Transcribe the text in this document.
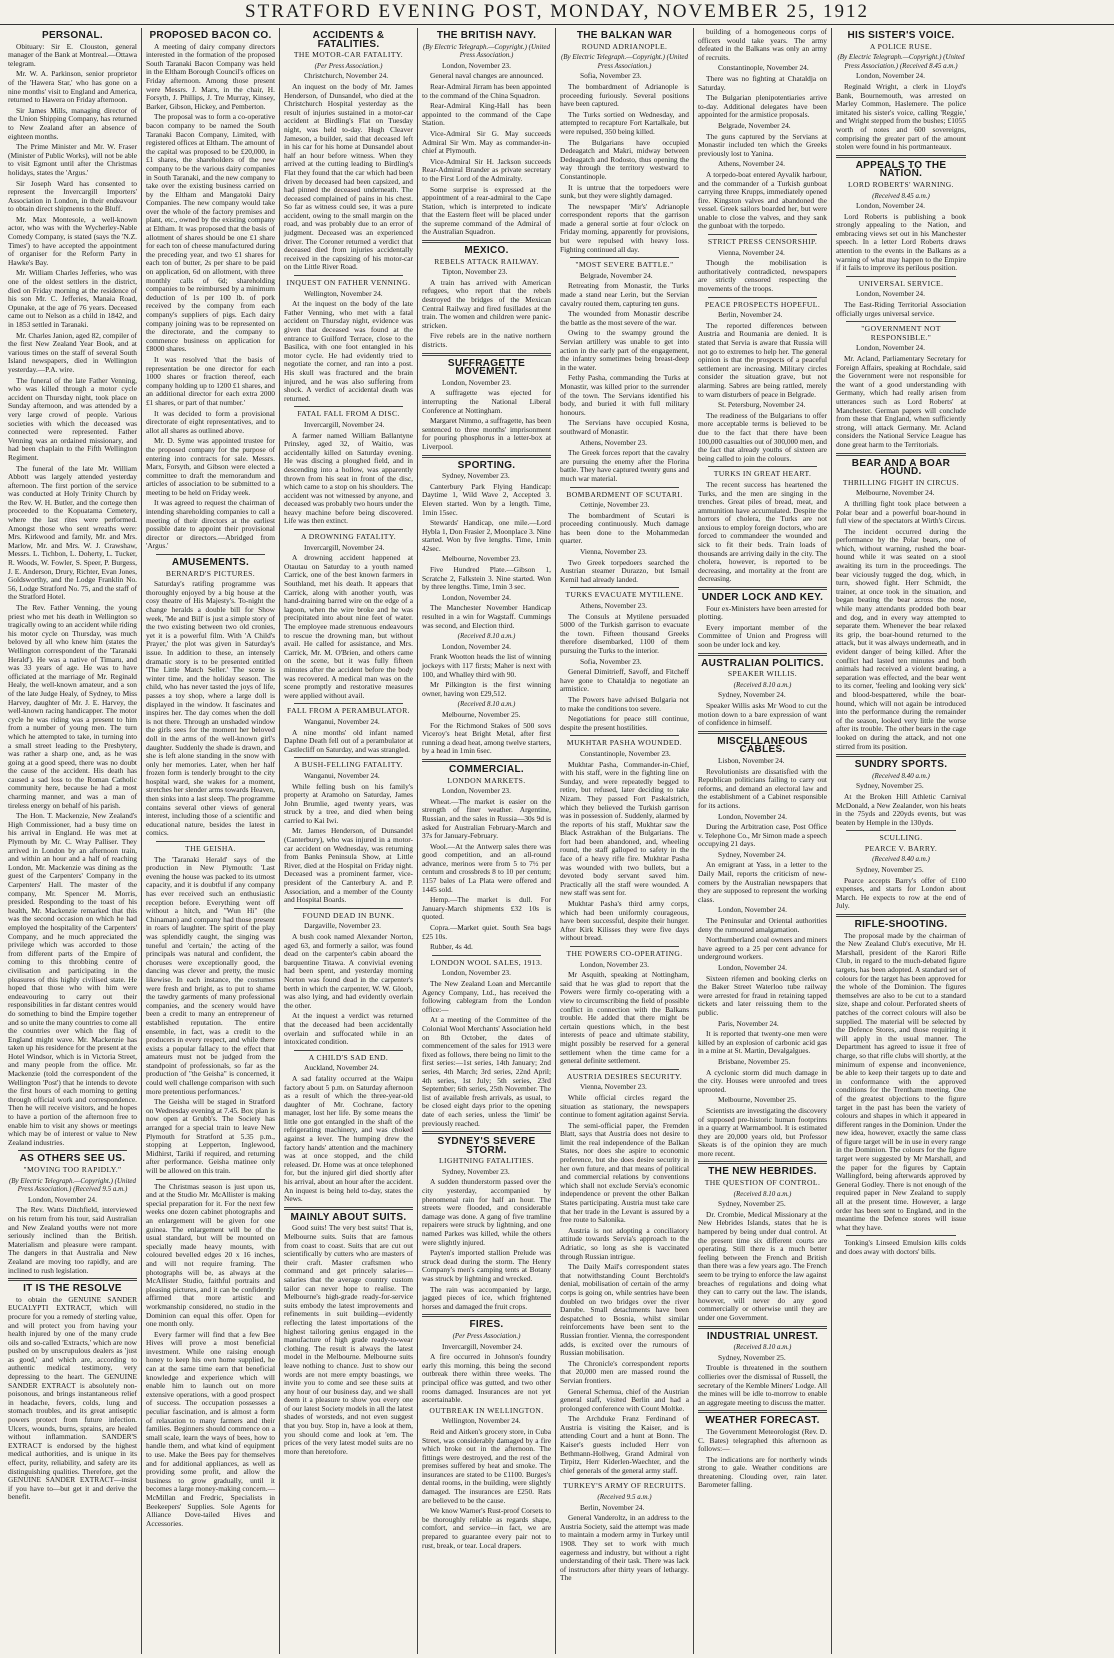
STRATFORD EVENING POST, MONDAY, NOVEMBER 25, 1912
PERSONAL.

Obituary: Sir E. Clouston, general manager of the Bank at Montreal.—Ottawa telegram.

Mr. W. A. Parkinson, senior proprietor of the 'Hawera Star,' who has gone on a nine months' visit to England and America, returned to Hawera on Friday afternoon.

Sir James Mills, managing director of the Union Shipping Company, has returned to New Zealand after an absence of eighteen months.

The Prime Minister and Mr. W. Fraser (Minister of Public Works), will not be able to visit Egmont until after the Christmas holidays, states the 'Argus.'

Sir Joseph Ward has consented to represent the Invercargill Importers' Association in London, in their endeavour to obtain direct shipments to the Bluff.

Mr. Max Montesole, a well-known actor, who was with the Wycherley-Nable Comedy Company, is stated (says the 'N.Z. Times') to have accepted the appointment of organiser for the Reform Party in Hawke's Bay.

Mr. William Charles Jefferies, who was one of the oldest settlers in the district, died on Friday morning at the residence of his son Mr. C. Jefferies, Manaia Road, Opunake, at the age of 76 years. Deceased came out to Nelson as a child in 1842, and in 1853 settled in Taranaki.

Mr. Charles Janion, aged 82, compiler of the first New Zealand Year Book, and at various times on the staff of several South Island newspapers, died in Wellington yesterday.—P.A. wire.

The funeral of the late Father Venning, who was killed through a motor cycle accident on Thursday night, took place on Sunday afternoon, and was attended by a very large crowd of people. Various societies with which the deceased was connected were represented. Father Venning was an ordained missionary, and had been chaplain to the Fifth Wellington Regiment.

The funeral of the late Mr. William Abbott was largely attended yesterday afternoon. The first portion of the service was conducted at Holy Trinity Church by the Rev. W. H. Butler, and the cortege then proceeded to the Kopuatama Cemetery, where the last rites were performed. Amongst those who sent wreaths were: Mrs. Kirkwood and family, Mr. and Mrs. Marlow, Mr. and Mrs. W. J. Crawshaw, Messrs. L. Tichbon, L. Doherty, L. Tucker, R. Woods, W. Fowler, S. Speer, P. Burgess, J. E. Anderson, Drury, Richter, Evan Jones, Goldsworthy, and the Lodge Franklin No. 56, Lodge Stratford No. 75, and the staff of the Stratford Hotel.

The Rev. Father Venning, the young priest who met his death in Wellington so tragically owing to an accident while riding his motor cycle on Thursday, was much beloved by all who knew him (states the Wellington correspondent of the 'Taranaki Herald'). He was a native of Timaru, and was 33 years of age. He was to have officiated at the marriage of Mr. Reginald Healy, the well-known amateur, and a son of the late Judge Healy, of Sydney, to Miss Harvey, daughter of Mr. J. E. Harvey, the well-known racing handicapper. The motor cycle he was riding was a present to him from a number of young men. The turn which he attempted to take, in turning into a small street leading to the Presbytery, was rather a sharp one, and, as he was going at a good speed, there was no doubt the cause of the accident. His death has caused a sad loss to the Roman Catholic community here, because he had a most charming manner, and was a man of tireless energy on behalf of his parish.

The Hon. T. Mackenzie, New Zealand's High Commissioner, had a busy time on his arrival in England. He was met at Plymouth by Mr. C. Wray Palliser. They arrived in London by an afternoon train, and within an hour and a half of reaching London, Mr. Mackenzie was dining as the guest of the Carpenters' Company in the Carpenters' Hall. The master of the company, Mr. Spencer M. Morris, presided. Responding to the toast of his health, Mr. Mackenzie remarked that this was the second occasion on which he had employed the hospitality of the Carpenters' Company, and he much appreciated the privilege which was accorded to those from different parts of the Empire of coming to this throbbing centre of civilisation and participating in the pleasures of this highly civilised state. He hoped that those who with him were endeavouring to carry out their responsibilities in far distant centres would do something to bind the Empire together and so unite the many countries to come all the countries over which the flag of England might wave. Mr. Mackenzie has taken up his residence for the present at the Hotel Windsor, which is in Victoria Street, and many people from the office. Mr. Mackenzie (told the correspondent of the Wellington 'Post') that he intends to devote the first hours of each morning to getting through official work and correspondence. Then he will receive visitors, and he hopes to have a portion of the afternoon free to enable him to visit any shows or meetings which may be of interest or value to New Zealand industries.

AS OTHERS SEE US.
"MOVING TOO RAPIDLY."
(By Electric Telegraph.—Copyright.) (United Press Association.) (Received 9.5 a.m.)

London, November 24.

The Rev. Watts Ditchfield, interviewed on his return from his tour, said Australian and New Zealand youths were not more seriously inclined than the British. Materialism and pleasure were rampant. The dangers in that Australia and New Zealand are moving too rapidly, and are inclined to rush legislation.

IT IS THE RESOLVE

to obtain the GENUINE SANDER EUCALYPTI EXTRACT, which will procure for you a remedy of sterling value, and will protect you from having your health injured by one of the many crude oils and so-called 'Extracts,' which are now pushed on by unscrupulous dealers as 'just as good,' and which are, according to authentic medical testimony, very depressing to the heart. The GENUINE SANDER EXTRACT is absolutely non-poisonous, and brings instantaneous relief in headache, fevers, colds, lung and stomach troubles, and its great antiseptic powers protect from future infection. Ulcers, wounds, burns, sprains, are healed without inflammation. SANDER'S EXTRACT is endorsed by the highest medical authorities, and is unique in its effect, purity, reliability, and safety are its distinguishing qualities. Therefore, get the GENUINE SANDER EXTRACT—insist if you have to—but get it and derive the benefit.

PROPOSED BACON CO.

A meeting of dairy company directors interested in the formation of the proposed South Taranaki Bacon Company was held in the Eltham Borough Council's offices on Friday afternoon. Among those present were Messrs. J. Marx, in the chair, H. Forsyth, J. Phillips, J. Tre Murray, Kinsey, Barker, Gibson, Hickey, and Pemberton.

The proposal was to form a co-operative bacon company to be named the South Taranaki Bacon Company, Limited, with registered offices at Eltham. The amount of the capital was proposed to be £20,000, in £1 shares, the shareholders of the new company to be the various dairy companies in South Taranaki, and the new company to take over the existing business carried on by the Eltham and Mangatoki Dairy Companies. The new company would take over the whole of the factory premises and plant, etc., owned by the existing company at Eltham. It was proposed that the basis of allotment of shares should be one £1 share for each ton of cheese manufactured during the preceding year, and two £1 shares for each ton of butter, 2s per share to be paid on application, 6d on allotment, with three monthly calls of 6d; shareholding companies to be reimbursed by a minimum deduction of 1s per 100 lb. of pork received by the company from each company's suppliers of pigs. Each dairy company joining was to be represented on the directorate, and the company to commence business on application for £8000 shares.

It was resolved 'that the basis of representation be one director for each 1000 shares or fraction thereof, each company holding up to 1200 £1 shares, and an additional director for each extra 2000 £1 shares, or part of that number.'

It was decided to form a provisional directorate of eight representatives, and to allot all shares as outlined above.

Mr. D. Syme was appointed trustee for the proposed company for the purpose of entering into contracts for sale. Messrs. Marx, Forsyth, and Gibson were elected a committee to draft the memorandum and articles of association to be submitted to a meeting to be held on Friday week.

It was agreed to request the chairman of intending shareholding companies to call a meeting of their directors at the earliest possible date to appoint their provisional director or directors.—Abridged from 'Argus.'

AMUSEMENTS.
BERNARD'S PICTURES.

Saturday's ratifing programme was thoroughly enjoyed by a big house at the cosy theatre of His Majesty's. To-night the change heralds a double bill for Show week, 'Me and Bill' is just a simple story of the two existing between two old cronies, yet it is a powerful film. With 'A Child's Prayer,' the plot was given in Saturday's issue. In addition to these, an intensely dramatic story is to be presented entitled 'The Little Match Seller.' The scene is winter time, and the holiday season. The child, who has never tasted the joys of life, passes a toy shop, where a large doll is displayed in the window. It fascinates and inspires her. The day comes when the doll is not there. Through an unshaded window the girls sees for the moment her beloved doll in the arms of the well-known girl's daughter. Suddenly the shade is drawn, and she is left alone standing in the snow with only her memories. Later, when her half frozen form is tenderly brought to the city hospital ward, she wakes for a moment, stretches her slender arms towards Heaven, then sinks into a last sleep. The programme contains several other views of general interest, including those of a scientific and educational nature, besides the latest in comics.

THE GEISHA.

The 'Taranaki Herald' says of the production in New Plymouth: 'Last evening the house was packed to its utmost capacity, and it is doubtful if any company has ever received such an enthusiastic reception before. Everything went off without a hitch, and "Wun Hi" (the Chinaman) and company had those present in roars of laughter. The spirit of the play was splendidly caught, the singing was tuneful and 'certain,' the acting of the principals was natural and confident, the choruses were exceptionally good, the dancing was clever and pretty, the music likewise. In each instance, the costumes were fresh and bright, as to put to shame the tawdry garments of many professional companies, and the scenery would have been a credit to many an entrepreneur of established reputation. The entire ensemble, in fact, was a credit to the producers in every respect, and while there exists a popular fallacy to the effect that amateurs must not be judged from the standpoint of professionals, so far as the production of "the Geisha" is concerned, it could well challenge comparison with such more pretentious performances.'

The Geisha will be staged in Stratford on Wednesday evening at 7.45. Box plan is now open at Grubb's. The Society has arranged for a special train to leave New Plymouth for Stratford at 5.35 p.m., stopping at Lepperton, Inglewood, Midhirst, Tariki if required, and returning after performance. Geisha matinee only will be allowed on this train.

The Christmas season is just upon us, and at the Studio Mr. McAllister is making special preparation for it. For the next few weeks one dozen cabinet photographs and an enlargement will be given for one guinea. The enlargement will be of the usual standard, but will be mounted on specially made heavy mounts, with coloured bevelled edges 20 x 16 inches, and will not require framing. The photographs will be, as always at the McAllister Studio, faithful portraits and pleasing pictures, and it can be confidently affirmed that more artistic and workmanship considered, no studio in the Dominion can equal this offer. Open for one month only.

Every farmer will find that a few Bee Hives will prove a most beneficial investment. While one raising enough honey to keep his own home supplied, he can at the same time earn that beneficial knowledge and experience which will enable him to launch out on more extensive operations, with a good prospect of success. The occupation possesses a peculiar fascination, and is almost a form of relaxation to many farmers and their families. Beginners should commence on a small scale, learn the ways of bees, how to handle them, and what kind of equipment to use. Make the Bees pay for themselves and for additional appliances, as well as providing some profit, and allow the business to grow gradually, until it becomes a large money-making concern.—McMillan and Fredric, Specialists in Beekeepers' Supplies. Sole Agents for Alliance Dove-tailed Hives and Accessories.

ACCIDENTS & FATALITIES.
THE MOTOR-CAR FATALITY.
(Per Press Association.)

Christchurch, November 24.

An inquest on the body of Mr. James Henderson, of Dunsandel, who died at the Christchurch Hospital yesterday as the result of injuries sustained in a motor-car accident at Birdling's Flat on Tuesday night, was held to-day. Hugh Cleaver Jameson, a builder, said that deceased left in his car for his home at Dunsandel about half an hour before witness. When they arrived at the cutting leading to Birdling's Flat they found that the car which had been driven by deceased had been capsized, and had pinned the deceased underneath. The deceased complained of pains in his chest. So far as witness could see, it was a pure accident, owing to the small margin on the road, and was probably due to an error of judgment. Deceased was an experienced driver. The Coroner returned a verdict that deceased died from injuries accidentally received in the capsizing of his motor-car on the Little River Road.

INQUEST ON FATHER VENNING.

Wellington, November 24.

At the inquest on the body of the late Father Venning, who met with a fatal accident on Thursday night, evidence was given that deceased was found at the entrance to Guilford Terrace, close to the Basilica, with one foot entangled in his motor cycle. He had evidently tried to negotiate the corner, and ran into a post. His skull was fractured and the brain injured, and he was also suffering from shock. A verdict of accidental death was returned.

FATAL FALL FROM A DISC.

Invercargill, November 24.

A farmer named William Ballantyne Prinsley, aged 32, of Waitio, was accidentally killed on Saturday evening. He was discing a ploughed field, and in descending into a hollow, was apparently thrown from his seat in front of the disc, which came to a stop on his shoulders. The accident was not witnessed by anyone, and deceased was probably two hours under the heavy machine before being discovered. Life was then extinct.

A DROWNING FATALITY.

Invercargill, November 24.

A drowning accident happened at Otautau on Saturday to a youth named Carrick, one of the best known farmers in Southland, met his death. It appears that Carrick, along with another youth, was hand-draining barred wire on the edge of a lagoon, when the wire broke and he was precipitated into about nine feet of water. The employee made strenuous endeavours to rescue the drowning man, but without avail. He called for assistance, and Mrs. Carrick, Mr. M. O'Brien, and others came on the scene, but it was fully fifteen minutes after the accident before the body was recovered. A medical man was on the scene promptly and restorative measures were applied without avail.

FALL FROM A PERAMBULATOR.

Wanganui, November 24.

A nine months' old infant named Daphne Death fell out of a perambulator at Castlecliff on Saturday, and was strangled.

A BUSH-FELLING FATALITY.

Wanganui, November 24.

While felling bush on his family's property at Aramoho on Saturday, James John Brumlie, aged twenty years, was struck by a tree, and died when being carried to Kai Iwi.

Mr. James Henderson, of Dunsandel (Canterbury), who was injured in a motor-car accident on Wednesday, was returning from Banks Peninsula Show, at Little River, died at the Hospital on Friday night. Deceased was a prominent farmer, vice-president of the Canterbury A. and P. Association, and a member of the County and Hospital Boards.

FOUND DEAD IN BUNK.

Dargaville, November 23.

A bush cook named Alexander Norton, aged 63, and formerly a sailor, was found dead on the carpenter's cabin aboard the barquentine Titawa. A convivial evening had been spent, and yesterday morning Norton was found dead in the carpenter's berth in which the carpenter, W. W. Gloob, was also lying, and had evidently overlain the other.

At the inquest a verdict was returned that the deceased had been accidentally overlain and suffocated while in an intoxicated condition.

A CHILD'S SAD END.

Auckland, November 24.

A sad fatality occurred at the Waipu factory about 5 p.m. on Saturday afternoon as a result of which the three-year-old daughter of Mr. Cochrane, factory manager, lost her life. By some means the little one got entangled in the shaft of the refrigerating machinery, and was choked against a lever. The humping drew the factory hands' attention and the machinery was at once stopped, and the child released. Dr. Home was at once telephoned for, but the injured girl died shortly after his arrival, about an hour after the accident. An inquest is being held to-day, states the News.

MAINLY ABOUT SUITS.

Good suits! The very best suits! That is, Melbourne suits. Suits that are famous from coast to coast. Suits that are cut out scientifically by cutters who are masters of their craft. Master craftsmen who command and get princely salaries—salaries that the average country custom tailor can never hope to realise. The Melbourne's high-grade ready-for-service suits embody the latest improvements and refinements in suit building—evidently reflecting the latest importations of the highest tailoring genius engaged in the manufacture of high grade ready-to-wear clothing. The result is always the latest model in the Melbourne. Melbourne suits leave nothing to chance. Just to show our words are not mere empty boastings, we invite you to come and see these suits at any hour of our business day, and we shall deem it a pleasure to show you every one of our latest Society models in all the latest shades of worsteds, and not even suggest that you buy. Stop in, have a look at them, you should come and look at 'em. The prices of the very latest model suits are no more than heretofore.

THE BRITISH NAVY.
(By Electric Telegraph.—Copyright.) (United Press Association.)

London, November 23.

General naval changes are announced.

Rear-Admiral Jirram has been appointed to the command of the China Squadron.

Rear-Admiral King-Hall has been appointed to the command of the Cape Station.

Vice-Admiral Sir G. May succeeds Admiral Sir Wm. May as commander-in-chief at Plymouth.

Vice-Admiral Sir H. Jackson succeeds Rear-Admiral Brander as private secretary to the First Lord of the Admiralty.

Some surprise is expressed at the appointment of a rear-admiral to the Cape Station, which is interpreted to indicate that the Eastern fleet will be placed under the supreme command of the Admiral of the Australian Squadron.

MEXICO.
REBELS ATTACK RAILWAY.

Tipton, November 23.

A train has arrived with American refugees, who report that the rebels destroyed the bridges of the Mexican Central Railway and fired fusillades at the train. The women and children were panic-stricken.

Five rebels are in the native northern districts.

SUFFRAGETTE MOVEMENT.

London, November 23.

A suffragette was ejected for interrupting the National Liberal Conference at Nottingham.

Margaret Nimmo, a suffragette, has been sentenced to three months' imprisonment for pouring phosphorus in a letter-box at Liverpool.

SPORTING.

Sydney, November 23.

Canterbury Park Flying Handicap: Daytime 1, Wild Wave 2, Accepted 3. Eleven started. Won by a length. Time, 1min 15sec.

Stewards' Handicap, one mile.—Lord Hybla 1, Don Frasier 2, Moonplace 3. Nine started. Won by five lengths. Time, 1min 42sec.

Melbourne, November 23.

Five Hundred Plate.—Gibson 1, Scratche 2, Falkstein 3. Nine started. Won by three lengths. Time, 1min 3 sec.

London, November 24.

The Manchester November Handicap resulted in a win for Wagstaff. Cummings was second, and Election third.

(Received 8.10 a.m.)

London, November 24.

Frank Wootton heads the list of winning jockeys with 117 firsts; Maher is next with 100, and Whalley third with 90.

Mr Pilkington is the first winning owner, having won £29,512.

(Received 8.10 a.m.)

Melbourne, November 25.

For the Richmond Stakes of 500 sovs Viceroy's heat Bright Metal, after first running a dead heat, among twelve starters, by a head in 1min 6sec.

COMMERCIAL.
LONDON MARKETS.

London, November 23.

Wheat.—The market is easier on the strength of finer weather. Argentine, Russian, and the sales in Russia—30s 9d is asked for Australian February-March and 37s for January-February.

Wool.—At the Antwerp sales there was good competition, and an all-round advance, merinos were from 5 to 7½ per centum and crossbreds 8 to 10 per centum; 1157 bales of La Plata were offered and 1445 sold.

Hemp.—The market is dull. For January-March shipments £32 10s is quoted.

Copra.—Market quiet. South Sea bags £25 10s.

Rubber, 4s 4d.

LONDON WOOL SALES, 1913.

London, November 23.

The New Zealand Loan and Mercantile Agency Company, Ltd., has received the following cablegram from the London office:—

At a meeting of the Committee of the Colonial Wool Merchants' Association held on 8th October, the dates of commencement of the sales for 1913 were fixed as follows, there being no limit to the first series:—1st series, 14th January; 2nd series, 4th March; 3rd series, 22nd April; 4th series, 1st July; 5th series, 23rd September; 6th series, 25th November. The list of available fresh arrivals, as usual, to be closed eight days prior to the opening date of each series, unless the 'limit' be previously reached.

SYDNEY'S SEVERE STORM.
LIGHTNING FATALITIES.

Sydney, November 23.

A sudden thunderstorm passed over the city yesterday, accompanied by phenomenal rain for half an hour. The streets were flooded, and considerable damage was done. A gang of five tramline repairers were struck by lightning, and one named Parkes was killed, while the others were slightly injured.

Payten's imported stallion Prelude was struck dead during the storm. The Henry Company's men's camping tents at Botany was struck by lightning and wrecked.

The rain was accompanied by large, jagged pieces of ice, which frightened horses and damaged the fruit crops.

FIRES.
(Per Press Association.)

Invercargill, November 24.

A fire occurred in Johnson's foundry early this morning, this being the second outbreak there within three weeks. The principal office was gutted, and two other rooms damaged. Insurances are not yet ascertainable.

OUTBREAK IN WELLINGTON.

Wellington, November 24.

Reid and Aitken's grocery store, in Cuba Street, was considerably damaged by a fire which broke out in the afternoon. The fittings were destroyed, and the rest of the premises suffered by heat and smoke. The insurances are stated to be £1100. Burges's dental rooms, in the building, were slightly damaged. The insurances are £250. Rats are believed to be the cause.

We know Warner's Rust-proof Corsets to be thoroughly reliable as regards shape, comfort, and service—in fact, we are prepared to guarantee every pair not to rust, break, or tear. Local drapers.

THE BALKAN WAR
ROUND ADRIANOPLE.
(By Electric Telegraph.—Copyright.) (United Press Association.)

Sofia, November 23.

The bombardment of Adrianople is proceeding furiously. Several positions have been captured.

The Turks sortied on Wednesday, and attempted to recapture Fort Kartalkale, but were repulsed, 350 being killed.

The Bulgarians have occupied Dedeagatch and Makri, midway between Dedeagatch and Rodosto, thus opening the way through the territory westward to Constantinople.

It is untrue that the torpedoers were sunk, but they were slightly damaged.

The newspaper 'Mir's' Adrianople correspondent reports that the garrison made a general sortie at four o'clock on Friday morning, apparently for provisions, but were repulsed with heavy loss. Fighting continued all day.

"MOST SEVERE BATTLE."

Belgrade, November 24.

Retreating from Monastir, the Turks made a stand near Lerin, but the Servian cavalry routed them, capturing ten guns.

The wounded from Monastir describe the battle as the most severe of the war.

Owing to the swampy ground the Servian artillery was unable to get into action in the early part of the engagement, the infantry sometimes being breast-deep in the water.

Fethy Pasha, commanding the Turks at Monastir, was killed prior to the surrender of the town. The Servians identified his body, and buried it with full military honours.

The Servians have occupied Kosna, southward of Monastir.

Athens, November 23.

The Greek forces report that the cavalry are pursuing the enemy after the Florina battle. They have captured twenty guns and much war material.

BOMBARDMENT OF SCUTARI.

Cettinje, November 23.

The bombardment of Scutari is proceeding continuously. Much damage has been done to the Mohammedan quarter.

Vienna, November 23.

Two Greek torpedoers searched the Austrian steamer Durazzo, but Ismail Kemil had already landed.

TURKS EVACUATE MYTILENE.

Athens, November 23.

The Consuls at Mytilene persuaded 5000 of the Turkish garrison to evacuate the town. Fifteen thousand Greeks therefore disembarked, 1100 of them pursuing the Turks to the interior.

Sofia, November 23.

General Dimitrieff, Savoff, and Fitcheff have gone to Chataldja to negotiate an armistice.

The Powers have advised Bulgaria not to make the conditions too severe.

Negotiations for peace still continue, despite the present hostilities.

MUKHTAR PASHA WOUNDED.

Constantinople, November 23.

Mukhtar Pasha, Commander-in-Chief, with his staff, were in the fighting line on Sunday, and were repeatedly begged to retire, but refused, later deciding to take Nizam. They passed Fort Paskalstrich, which they believed the Turkish garrison was in possession of. Suddenly, alarmed by the reports of his staff, Mukhtar saw the Black Astrakhan of the Bulgarians. The fort had been abandoned, and, wheeling round, the staff galloped to safety in the face of a heavy rifle fire. Mukhtar Pasha was wounded with two bullets, but a devoted body servant saved him. Practically all the staff were wounded. A new staff was sent for.

Mukhtar Pasha's third army corps, which had been uniformly courageous, have been successful, despite their hunger. After Kirk Kilisses they were five days without bread.

THE POWERS CO-OPERATING.

London, November 23.

Mr Asquith, speaking at Nottingham, said that he was glad to report that the Powers were firmly co-operating with a view to circumscribing the field of possible conflict in connection with the Balkans trouble. He added that there might be certain questions which, in the best interests of peace and ultimate stability, might possibly be reserved for a general settlement when the time came for a general definite settlement.

AUSTRIA DESIRES SECURITY.

Vienna, November 23.

While official circles regard the situation as stationary, the newspapers continue to foment agitation against Servia.

The semi-official paper, the Fremden Blatt, says that Austria does not desire to limit the real independence of the Balkan States, nor does she aspire to economic preference, but she does desire security in her own future, and that means of political and commercial relations by conventions which shall not exclude Servia's economic independence or prevent the other Balkan States participating. Austria must take care that her trade in the Levant is assured by a free route to Salonika.

Austria is not adopting a conciliatory attitude towards Servia's approach to the Adriatic, so long as she is vaccinated through Russian intrigue.

The Daily Mail's correspondent states that notwithstanding Count Berchtold's denial, mobilisation of certain of the army corps is going on, while sentries have been doubled on two bridges over the river Danube. Small detachments have been despatched to Bosnia, whilst similar reinforcements have been sent to the Russian frontier. Vienna, the correspondent adds, is excited over the rumours of Russian mobilisation.

The Chronicle's correspondent reports that 20,000 men are massed round the Servian frontiers.

General Schemua, chief of the Austrian general staff, visited Berlin and had a prolonged conference with Count Moltke.

The Archduke Franz Ferdinand of Austria is visiting the Kaiser, and is attending Court and a hunt at Bonn. The Kaiser's guests included Herr von Bethmann-Hollweg, Grand Admiral von Tirpitz, Herr Kiderlen-Waechter, and the chief generals of the general army staff.

TURKEY'S ARMY OF RECRUITS.
(Received 9.5 a.m.)

Berlin, November 24.

General Vanderoltz, in an address to the Austria Society, said the attempt was made to maintain a modern army in Turkey until 1908. They set to work with much eagerness and industry, but without a right understanding of their task. There was lack of instructors after thirty years of lethargy. The

building of a homogeneous corps of officers would take years. The army defeated in the Balkans was only an army of recruits.

Constantinople, November 24.

There was no fighting at Chataldja on Saturday.

The Bulgarian plenipotentiaries arrive to-day. Additional delegates have been appointed for the armistice proposals.

Belgrade, November 24.

The guns captured by the Servians at Monastir included ten which the Greeks previously lost to Yanina.

Athens, November 24.

A torpedo-boat entered Ayvalik harbour, and the commander of a Turkish gunboat carrying three Krupps, immediately opened fire. Kingston valves and abandoned the vessel. Greek sailors boarded her, but were unable to close the valves, and they sank the gunboat with the torpedo.

STRICT PRESS CENSORSHIP.

Vienna, November 24.

Though the mobilisation is authoritatively contradicted, newspapers are strictly censored respecting the movements of the troops.

PEACE PROSPECTS HOPEFUL.

Berlin, November 24.

The reported differences between Austria and Roumania are denied. It is stated that Servia is aware that Russia will not go to extremes to help her. The general opinion is that the prospects of a peaceful settlement are increasing. Military circles consider the situation grave, but not alarming. Sabres are being rattled, merely to warn disturbers of peace in Belgrade.

St. Petersburg, November 24.

The readiness of the Bulgarians to offer more acceptable terms is believed to be due to the fact that there have been 100,000 casualties out of 300,000 men, and the fact that already youths of sixteen are being called to join the colours.

TURKS IN GREAT HEART.

The recent success has heartened the Turks, and the men are singing in the trenches. Great piles of bread, meat, and ammunition have accumulated. Despite the horrors of cholera, the Turks are not anxious to employ foreign doctors, who are forced to commandeer the wounded and sick to fit their beds. Train loads of thousands are arriving daily in the city. The cholera, however, is reported to be decreasing, and mortality at the front are decreasing.

UNDER LOCK AND KEY.

Four ex-Ministers have been arrested for plotting.

Every important member of the Committee of Union and Progress will soon be under lock and key.

AUSTRALIAN POLITICS.
SPEAKER WILLIS.
(Received 8.10 a.m.)

Sydney, November 24.

Speaker Willis asks Mr Wood to cut the motion down to a bare expression of want of confidence in himself.

MISCELLANEOUS CABLES.

Lisbon, November 24.

Revolutionists are dissatisfied with the Republican politicians failing to carry out reforms, and demand an electoral law and the establishment of a Cabinet responsible for its actions.

London, November 24.

During the Arbitration case, Post Office v. Telephone Co., Mr Simon made a speech occupying 21 days.

Sydney, November 24.

An emigrant at Yass, in a letter to the Daily Mail, reports the criticism of new-comers by the Australian newspapers that they are supposed to represent the working class.

London, November 24.

The Peninsular and Oriental authorities deny the rumoured amalgamation.

Northumberland coal owners and miners have agreed to a 25 per cent advance for underground workers.

London, November 24.

Sixteen rifemen and booking clerks on the Baker Street Waterloo tube railway were arrested for fraud in retaining tapped tickets and later reissuing them to the public.

Paris, November 24.

It is reported that twenty-one men were killed by an explosion of carbonic acid gas in a mine at St. Martin, Devalgalgues.

Brisbane, November 25.

A cyclonic storm did much damage in the city. Houses were unroofed and trees uprooted.

Melbourne, November 25.

Scientists are investigating the discovery of supposed pre-historic human footprints in a quarry at Warrnambool. It is estimated they are 20,000 years old, but Professor Skeats is of the opinion they are much more recent.

THE NEW HEBRIDES.
THE QUESTION OF CONTROL.
(Received 8.10 a.m.)

Sydney, November 25.

Dr. Crombie, Medical Missionary at the New Hebrides Islands, states that he is hampered by being under dual control. At the present time six different courts are operating. Still there is a much better feeling between the French and British than there was a few years ago. The French seem to be trying to enforce the law against breaches of regulations and doing what they can to carry out the law. The islands, however, will never do any good commercially or otherwise until they are under one Government.

INDUSTRIAL UNREST.
(Received 8.10 a.m.)

Sydney, November 25.

Trouble is threatened in the southern collieries over the dismissal of Russell, the secretary of the Kemble Miners' Lodge. All the mines will be idle to-morrow to enable an aggregate meeting to discuss the matter.

WEATHER FORECAST.

The Government Meteorologist (Rev. D. C. Bates) telegraphed this afternoon as follows:—

The indications are for northerly winds strong to gale. Weather conditions are threatening. Clouding over, rain later. Barometer falling.

HIS SISTER'S VOICE.
A POLICE RUSE.
(By Electric Telegraph.—Copyright.) (United Press Association.) (Received 8.45 a.m.)

London, November 24.

Reginald Wright, a clerk in Lloyd's Bank, Bournemouth, was arrested on Marley Common, Haslemere. The police imitated his sister's voice, calling 'Reggie,' and Wright stepped from the bushes; £1055 worth of notes and 600 sovereigns, comprising the greater part of the amount stolen were found in his portmanteaux.

APPEALS TO THE NATION.
LORD ROBERTS' WARNING.
(Received 8.45 a.m.)

London, November 24.

Lord Roberts is publishing a book strongly appealing to the Nation, and embracing views set out in his Manchester speech. In a letter Lord Roberts draws attention to the events in the Balkans as a warning of what may happen to the Empire if it fails to improve its perilous position.

UNIVERSAL SERVICE.

London, November 24.

The East-Riding Territorial Association officially urges universal service.

"GOVERNMENT NOT RESPONSIBLE."

London, November 24.

Mr. Acland, Parliamentary Secretary for Foreign Affairs, speaking at Rochdale, said the Government were not responsible for the want of a good understanding with Germany, which had really arisen from utterances such as Lord Roberts' at Manchester. German papers will conclude from these that England, when sufficiently strong, will attack Germany. Mr. Acland considers the National Service League has done great harm to the Territorials.

BEAR AND A BOAR HOUND.
THRILLING FIGHT IN CIRCUS.

Melbourne, November 24.

A thrilling fight took place between a Polar bear and a powerful boar-hound in full view of the spectators at Wirth's Circus.

The incident occurred during the performance by the Polar bears, one of which, without warning, rushed the boar-hound while it was seated on a stool awaiting its turn in the proceedings. The bear viciously tugged the dog, which, in turn, showed fight. Herr Schmidt, the trainer, at once took in the situation, and began beating the bear across the nose, while many attendants prodded both bear and dog, and in every way attempted to separate them. Whenever the bear relaxed its grip, the boar-hound returned to the attack, but it was always underneath, and in evident danger of being killed. After the conflict had lasted ten minutes and both animals had received a violent beating, a separation was effected, and the bear went to its corner, 'feeling and looking very sick' and blood-bespattered, while the boar-hound, which will not again be introduced into the performance during the remainder of the season, looked very little the worse after its trouble. The other bears in the cage looked on during the attack, and not one stirred from its position.

SUNDRY SPORTS.
(Received 8.40 a.m.)

Sydney, November 25.

At the Broken Hill Athletic Carnival McDonald, a New Zealander, won his heats in the 75yds and 220yds events, but was beaten by Hemple in the 130yds.

SCULLING.
PEARCE V. BARRY.
(Received 8.40 a.m.)

Sydney, November 25.

Pearce accepts Barry's offer of £100 expenses, and starts for London about March. He expects to row at the end of July.

RIFLE-SHOOTING.

The proposal made by the chairman of the New Zealand Club's executive, Mr H. Marshall, president of the Karori Rifle Club, in regard to the much-debated figure targets, has been adopted. A standard set of colours for the target has been approved for the whole of the Dominion. The figures themselves are also to be cut to a standard size, shape and colour. Perforated sheets of patches of the correct colours will also be supplied. The material will be selected by the Defence Stores, and those requiring it will apply in the usual manner. The Department has agreed to issue it free of charge, so that rifle clubs will shortly, at the minimum of expense and inconvenience, be able to keep their targets up to date and in conformance with the approved conditions for the Trentham meeting. One of the greatest objections to the figure target in the past has been the variety of colours and shapes in which it appeared in different ranges in the Dominion. Under the new idea, however, exactly the same class of figure target will be in use in every range in the Dominion. The colours for the figure target were suggested by Mr Marshall, and the paper for the figures by Captain Wallingford, being afterwards approved by General Godley. There is not enough of the required paper in New Zealand to supply all at the present time. However, a large order has been sent to England, and in the meantime the Defence stores will issue what they have.

Tonking's Linseed Emulsion kills colds and does away with doctors' bills.
